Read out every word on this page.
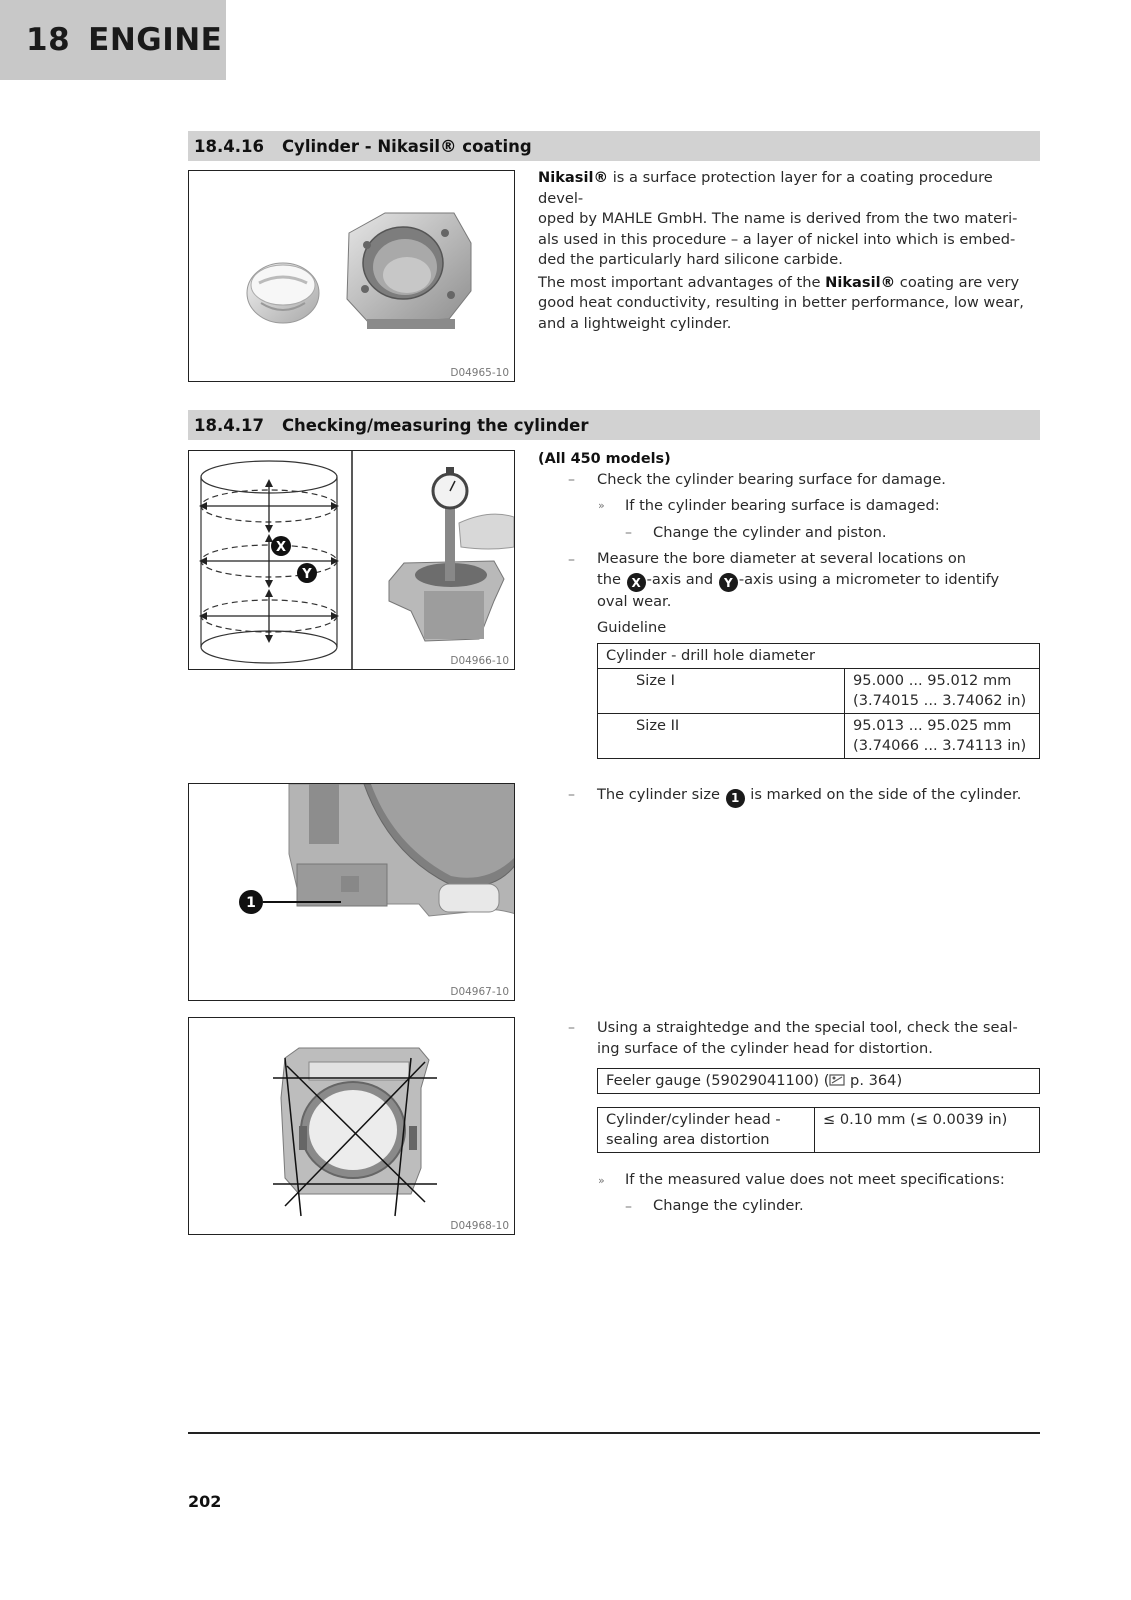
18 ENGINE
18.4.16 Cylinder - Nikasil® coating
D04965-10
Nikasil® is a surface protection layer for a coating procedure devel-
oped by MAHLE GmbH. The name is derived from the two materi-
als used in this procedure – a layer of nickel into which is embed-
ded the particularly hard silicone carbide.
The most important advantages of the Nikasil® coating are very
good heat conductivity, resulting in better performance, low wear,
and a lightweight cylinder.
18.4.17 Checking/measuring the cylinder
X
Y
D04966-10
(All 450 models)
– Check the cylinder bearing surface for damage.
» If the cylinder bearing surface is damaged:
– Change the cylinder and piston.
– Measure the bore diameter at several locations on
the X -axis and Y -axis using a micrometer to identify
oval wear.
Guideline
Cylinder - drill hole diameter	
Size I	95.000 ... 95.012 mm
(3.74015 ... 3.74062 in)
Size II	95.013 ... 95.025 mm
(3.74066 ... 3.74113 in)
1
D04967-10
– The cylinder size 1 is marked on the side of the cylinder.
D04968-10
– Using a straightedge and the special tool, check the seal-
ing surface of the cylinder head for distortion.
Feeler gauge (59029041100) ( p. 364)
Cylinder/cylinder head -
sealing area distortion	≤ 0.10 mm (≤ 0.0039 in)
» If the measured value does not meet specifications:
– Change the cylinder.
202
